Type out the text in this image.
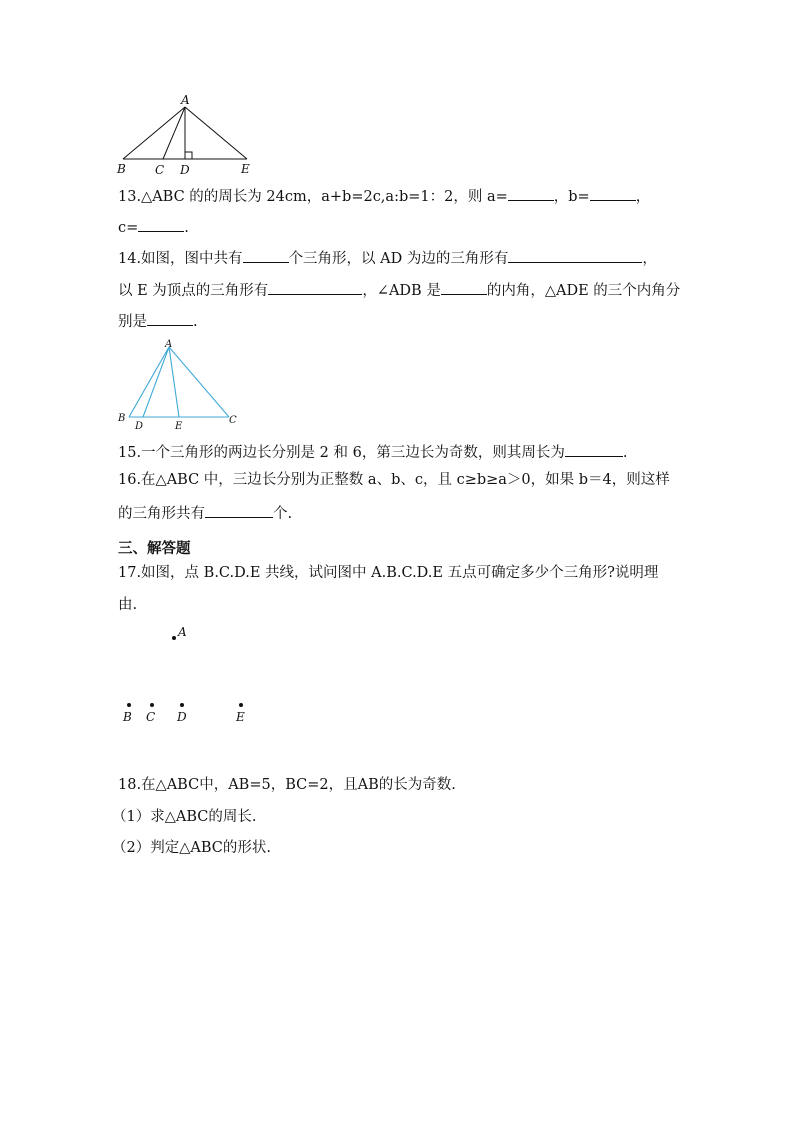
A
B C D	E
13.△ABC 的的周长为 24cm，a+b=2c,a:b=1：2，则 a=	，b=	，
c=	.
14.如图，图中共有	个三角形，以 AD 为边的三角形有	，
以 E 为顶点的三角形有	，∠ADB 是	的内角，△ADE 的三个内角分
别是	.
A
B
D	E
C
15.一个三角形的两边长分别是 2 和 6，第三边长为奇数，则其周长为	.
16.在△ABC 中，三边长分别为正整数 a、b、c，且 c≥b≥a＞0，如果 b＝4，则这样
的三角形共有	个.
三、解答题
17.如图，点 B.C.D.E 共线，试问图中 A.B.C.D.E 五点可确定多少个三角形?说明理
由.
A
B C D	E
18.在△ABC中，AB=5，BC=2，且AB的长为奇数.
（1）求△ABC的周长.
（2）判定△ABC的形状.
